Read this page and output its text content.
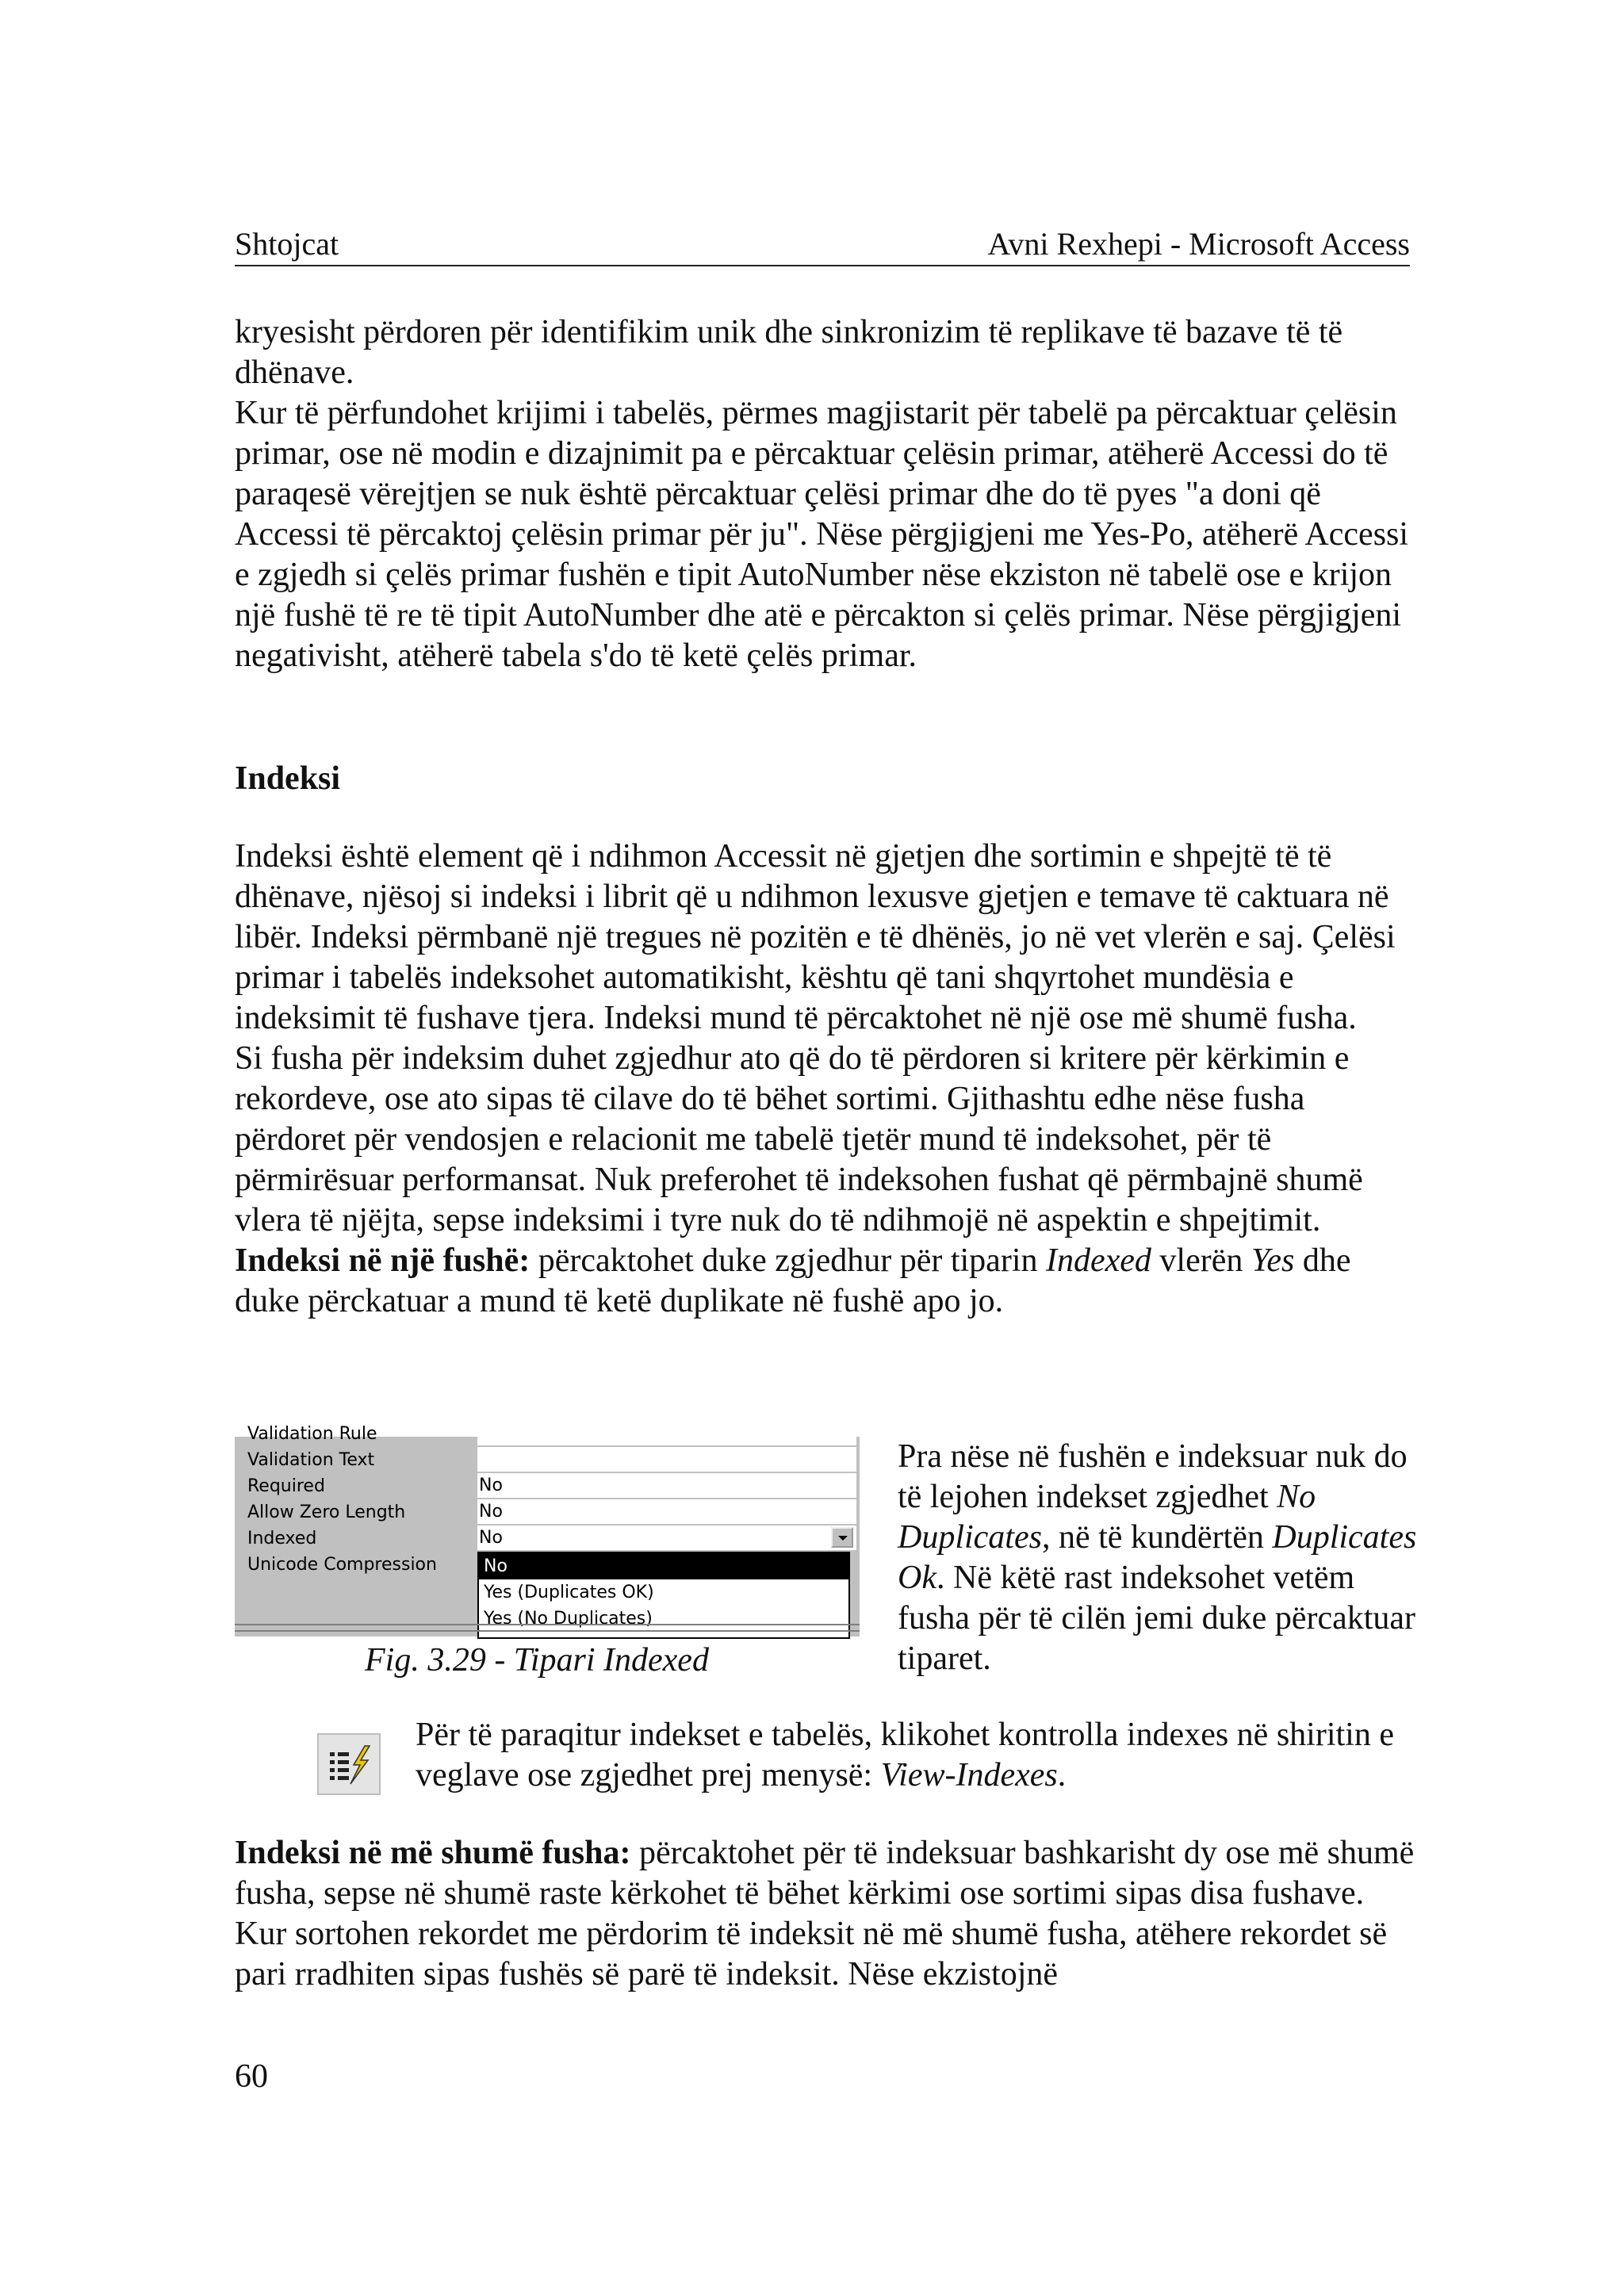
Shtojcat	Avni Rexhepi - Microsoft Access

kryesisht përdoren për identifikim unik dhe sinkronizim të replikave të bazave të të dhënave.

Kur të përfundohet krijimi i tabelës, përmes magjistarit për tabelë pa përcaktuar çelësin primar, ose në modin e dizajnimit pa e përcaktuar çelësin primar, atëherë Accessi do të paraqesë vërejtjen se nuk është përcaktuar çelësi primar dhe do të pyes "a doni që Accessi të përcaktoj çelësin primar për ju". Nëse përgjigjeni me Yes-Po, atëherë Accessi e zgjedh si çelës primar fushën e tipit AutoNumber nëse ekziston në tabelë ose e krijon një fushë të re të tipit AutoNumber dhe atë e përcakton si çelës primar. Nëse përgjigjeni negativisht, atëherë tabela s'do të ketë çelës primar.

Indeksi

Indeksi është element që i ndihmon Accessit në gjetjen dhe sortimin e shpejtë të të dhënave, njësoj si indeksi i librit që u ndihmon lexusve gjetjen e temave të caktuara në libër. Indeksi përmbanë një tregues në pozitën e të dhënës, jo në vet vlerën e saj. Çelësi primar i tabelës indeksohet automatikisht, kështu që tani shqyrtohet mundësia e indeksimit të fushave tjera. Indeksi mund të përcaktohet në një ose më shumë fusha.

Si fusha për indeksim duhet zgjedhur ato që do të përdoren si kritere për kërkimin e rekordeve, ose ato sipas të cilave do të bëhet sortimi. Gjithashtu edhe nëse fusha përdoret për vendosjen e relacionit me tabelë tjetër mund të indeksohet, për të përmirësuar performansat. Nuk preferohet të indeksohen fushat që përmbajnë shumë vlera të njëjta, sepse indeksimi i tyre nuk do të ndihmojë në aspektin e shpejtimit.

Indeksi në një fushë: përcaktohet duke zgjedhur për tiparin Indexed vlerën Yes dhe duke përckatuar a mund të ketë duplikate në fushë apo jo.

Validation Rule
Validation Text
Required	No
Allow Zero Length	No
Indexed	No
Unicode Compression	No
Yes (Duplicates OK)
Yes (No Duplicates)
Fig. 3.29 - Tipari Indexed

Pra nëse në fushën e indeksuar nuk do të lejohen indekset zgjedhet No Duplicates, në të kundërtën Duplicates Ok. Në këtë rast indeksohet vetëm fusha për të cilën jemi duke përcaktuar tiparet.

Për të paraqitur indekset e tabelës, klikohet kontrolla indexes në shiritin e veglave ose zgjedhet prej menysë: View-Indexes.

Indeksi në më shumë fusha: përcaktohet për të indeksuar bashkarisht dy ose më shumë fusha, sepse në shumë raste kërkohet të bëhet kërkimi ose sortimi sipas disa fushave. Kur sortohen rekordet me përdorim të indeksit në më shumë fusha, atëhere rekordet së pari rradhiten sipas fushës së parë të indeksit. Nëse ekzistojnë

60
